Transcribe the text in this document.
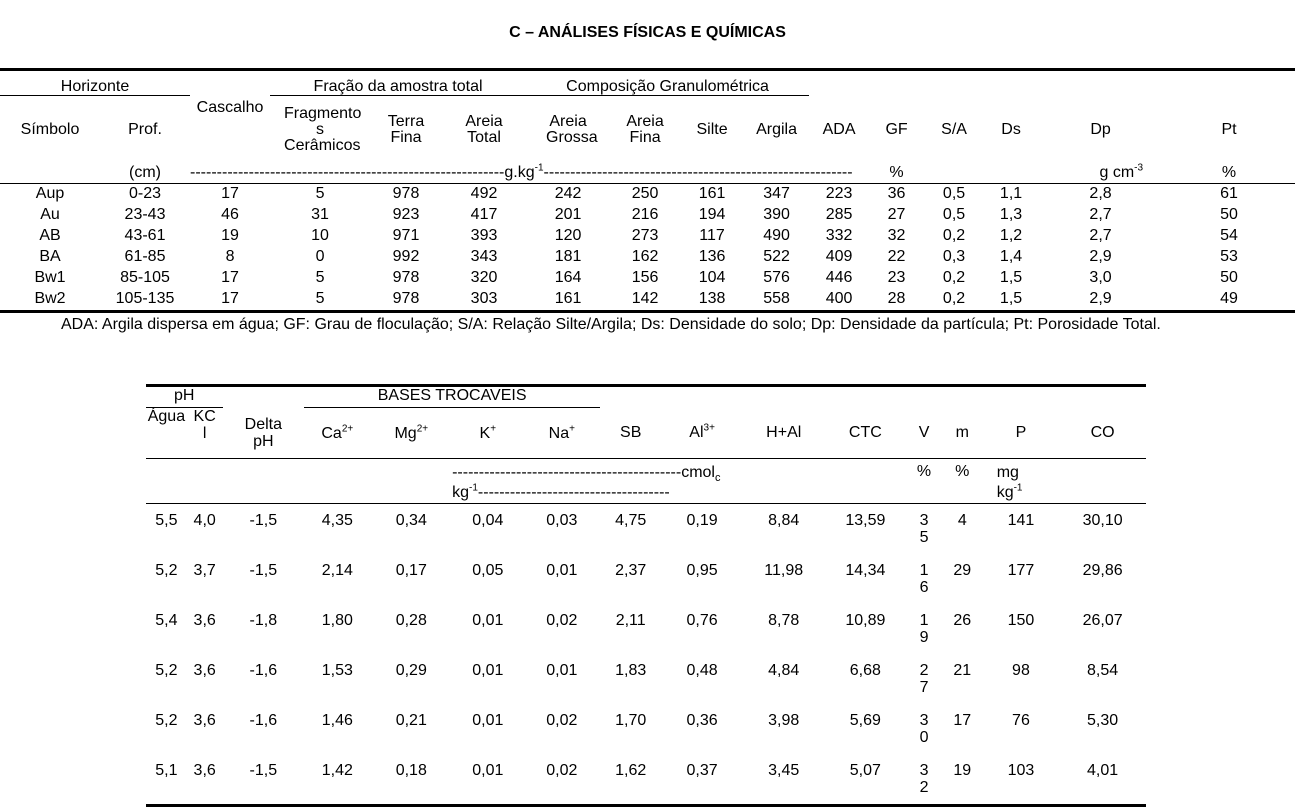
C – ANÁLISES FÍSICAS E QUÍMICAS
Horizonte			Fração da amostra total			Composição Granulométrica									
Símbolo	Prof.	Cascalho	Fragmento s Cerâmicos	Terra Fina	Areia Total	Areia Grossa	Areia Fina	Silte	Argila	ADA	GF	S/A	Ds	Dp	Pt
	(cm)	$-----------------------------------------------------------g.kg^{-1}--------------------------------------------------------$--									%		g $cm^{-3}$		%
Aup	0-23	17	5	978	492	242	250	161	347	223	36	0,5	1,1	2,8	61
Au	23-43	46	31	923	417	201	216	194	390	285	27	0,5	1,3	2,7	50
AB	43-61	19	10	971	393	120	273	117	490	332	32	0,2	1,2	2,7	54
BA	61-85	8	0	992	343	181	162	136	522	409	22	0,3	1,4	2,9	53
Bw1	85-105	17	5	978	320	164	156	104	576	446	23	0,2	1,5	3,0	50
Bw2	105-135	17	5	978	303	161	142	138	558	400	28	0,2	1,5	2,9	49
ADA: Argila dispersa em água; GF: Grau de floculação; S/A: Relação Silte/Argila; Ds: Densidade do solo; Dp: Densidade da partícula; Pt: Porosidade Total.
pH			BASES TROCAVEIS											
Água	KCl	Delta pH	$Ca^{2+}$	$Mg^{2+}$	K+	Na+	SB	$Al^{3+}$	H+Al	CTC	V	m	P	CO
					-------------------------------------------cmol$_c$
$kg^{-1}------------------------------------$						%	%	mg
$kg^{-1}$	
5,5	4,0	-1,5	4,35	0,34	0,04	0,03	4,75	0,19	8,84	13,59	35	4	141	30,10
5,2	3,7	-1,5	2,14	0,17	0,05	0,01	2,37	0,95	11,98	14,34	16	29	177	29,86
5,4	3,6	-1,8	1,80	0,28	0,01	0,02	2,11	0,76	8,78	10,89	19	26	150	26,07
5,2	3,6	-1,6	1,53	0,29	0,01	0,01	1,83	0,48	4,84	6,68	27	21	98	8,54
5,2	3,6	-1,6	1,46	0,21	0,01	0,02	1,70	0,36	3,98	5,69	30	17	76	5,30
5,1	3,6	-1,5	1,42	0,18	0,01	0,02	1,62	0,37	3,45	5,07	32	19	103	4,01
